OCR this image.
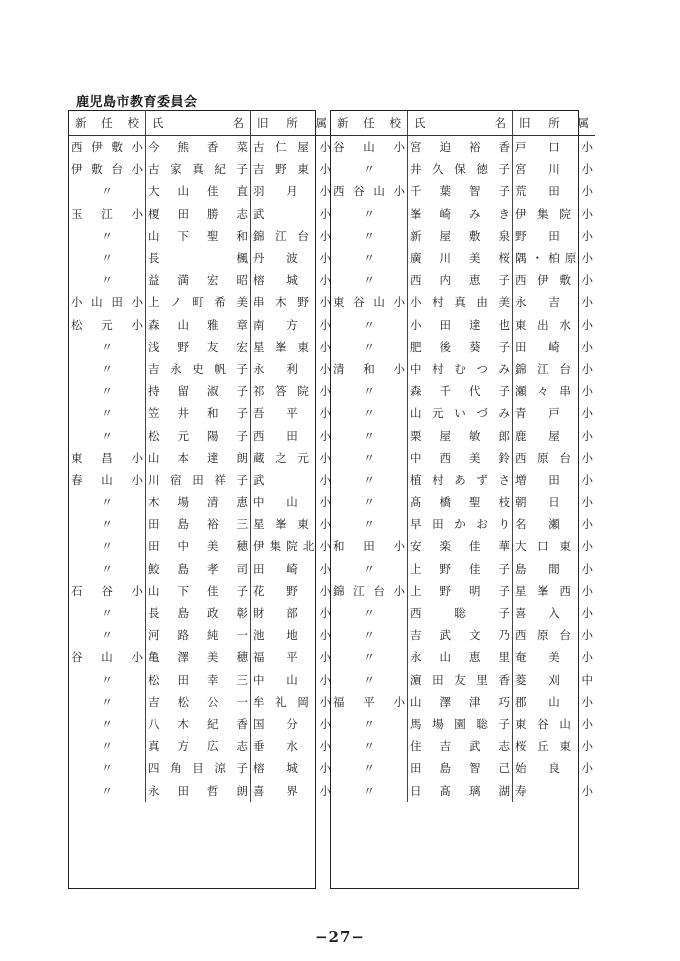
鹿児島市教育委員会
新任校	氏名	旧所属
西伊敷小	今熊香菜	古仁屋小
伊敷台小	古家真紀子	吉野東小
〃	大山佳直	羽月小
玉江小	榎田勝志	武小
〃	山下聖和	錦江台小
〃	長楓	丹波小
〃	益満宏昭	榕城小
小山田小	上ノ町希美	串木野小
松元小	森山雅章	南方小
〃	浅野友宏	星峯東小
〃	吉永史帆子	永利小
〃	持留淑子	祁答院小
〃	笠井和子	吾平小
〃	松元陽子	西田小
東昌小	山本達朗	蔵之元小
春山小	川宿田祥子	武小
〃	木場清恵	中山小
〃	田島裕三	星峯東小
〃	田中美穂	伊集院北小
〃	鮫島孝司	田崎小
石谷小	山下佳子	花野小
〃	長島政彰	財部小
〃	河路純一	池地小
谷山小	亀澤美穂	福平小
〃	松田幸三	中山小
〃	吉松公一	牟礼岡小
〃	八木紀香	国分小
〃	真方広志	垂水小
〃	四角目涼子	榕城小
〃	永田哲朗	喜界小
新任校	氏名	旧所属
谷山小	宮迫裕香	戸口小
〃	井久保徳子	宮川小
西谷山小	千葉智子	荒田小
〃	峯崎みき	伊集院小
〃	新屋敷泉	野田小
〃	廣川美桜	隅・柏原小
〃	西内恵子	西伊敷小
東谷山小	小村真由美	永吉小
〃	小田達也	東出水小
〃	肥後葵子	田崎小
清和小	中村むつみ	錦江台小
〃	森千代子	瀬々串小
〃	山元いづみ	青戸小
〃	栗屋敏郎	鹿屋小
〃	中西美鈴	西原台小
〃	植村あずさ	増田小
〃	髙橋聖枝	朝日小
〃	早田かおり	名瀬小
和田小	安楽佳華	大口東小
〃	上野佳子	島間小
錦江台小	上野明子	星峯西小
〃	西聡子	喜入小
〃	吉武文乃	西原台小
〃	永山恵里	奄美小
〃	濵田友里香	菱刈中
福平小	山澤津巧	郡山小
〃	馬場園聡子	東谷山小
〃	住吉武志	桜丘東小
〃	田島智己	始良小
〃	日髙璃湖	寿小
−27−
